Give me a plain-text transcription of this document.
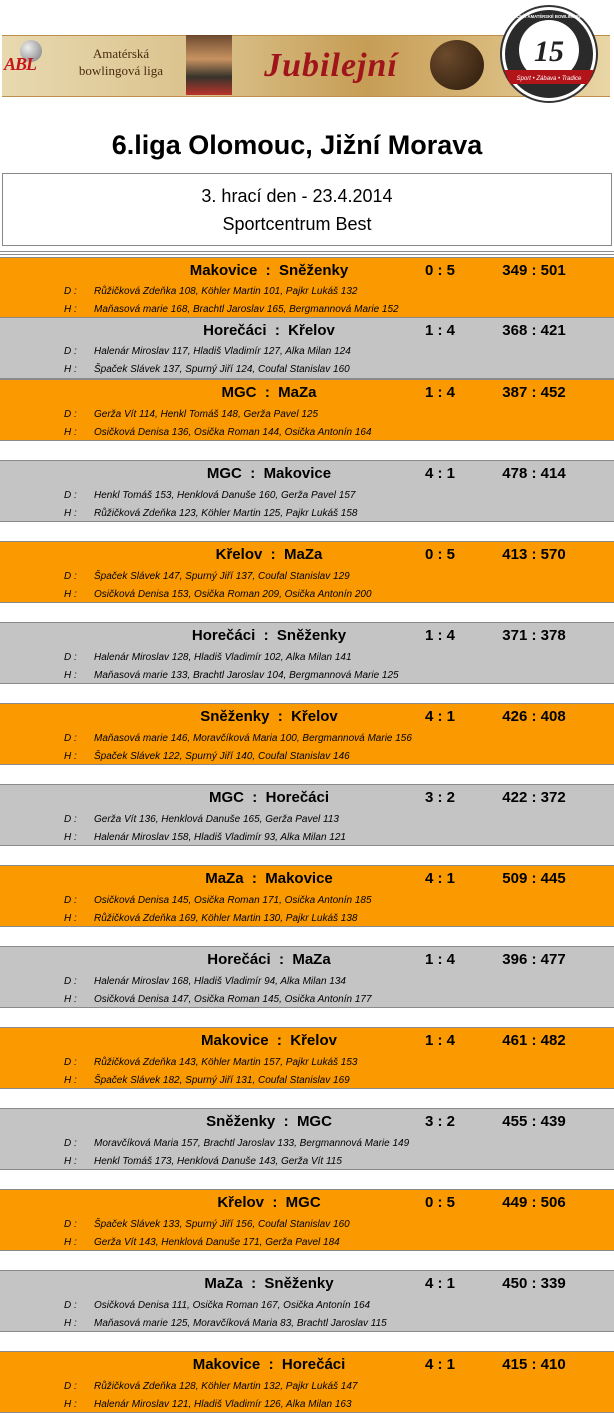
ABL
Amatérská
bowlingová liga	Jubilejní	15
Sport • Zábava • Tradice
15. ROČNÍK AMATÉRSKÉ BOWLINGOVÉ LIGY
6.liga Olomouc, Jižní Morava
3. hrací den - 23.4.2014
Sportcentrum Best
Makovice  :  Sněženky	0 : 5	349 : 501
D : Růžičková Zdeňka 108, Köhler Martin 101, Pajkr Lukáš 132
H : Maňasová marie 168, Brachtl Jaroslav 165, Bergmannová Marie 152
Horečáci  :  Křelov	1 : 4	368 : 421
D : Halenár Miroslav 117, Hladiš Vladimír 127, Alka Milan 124
H : Špaček Slávek 137, Spurný Jiří 124, Coufal Stanislav 160
MGC  :  MaZa	1 : 4	387 : 452
D : Gerža Vít 114, Henkl Tomáš 148, Gerža Pavel 125
H : Osičková Denisa 136, Osička Roman 144, Osička Antonín 164
MGC  :  Makovice	4 : 1	478 : 414
D : Henkl Tomáš 153, Henklová Danuše 160, Gerža Pavel 157
H : Růžičková Zdeňka 123, Köhler Martin 125, Pajkr Lukáš 158
Křelov  :  MaZa	0 : 5	413 : 570
D : Špaček Slávek 147, Spurný Jiří 137, Coufal Stanislav 129
H : Osičková Denisa 153, Osička Roman 209, Osička Antonín 200
Horečáci  :  Sněženky	1 : 4	371 : 378
D : Halenár Miroslav 128, Hladiš Vladimír 102, Alka Milan 141
H : Maňasová marie 133, Brachtl Jaroslav 104, Bergmannová Marie 125
Sněženky  :  Křelov	4 : 1	426 : 408
D : Maňasová marie 146, Moravčíková Maria 100, Bergmannová Marie 156
H : Špaček Slávek 122, Spurný Jiří 140, Coufal Stanislav 146
MGC  :  Horečáci	3 : 2	422 : 372
D : Gerža Vít 136, Henklová Danuše 165, Gerža Pavel 113
H : Halenár Miroslav 158, Hladiš Vladimír 93, Alka Milan 121
MaZa  :  Makovice	4 : 1	509 : 445
D : Osičková Denisa 145, Osička Roman 171, Osička Antonín 185
H : Růžičková Zdeňka 169, Köhler Martin 130, Pajkr Lukáš 138
Horečáci  :  MaZa	1 : 4	396 : 477
D : Halenár Miroslav 168, Hladiš Vladimír 94, Alka Milan 134
H : Osičková Denisa 147, Osička Roman 145, Osička Antonín 177
Makovice  :  Křelov	1 : 4	461 : 482
D : Růžičková Zdeňka 143, Köhler Martin 157, Pajkr Lukáš 153
H : Špaček Slávek 182, Spurný Jiří 131, Coufal Stanislav 169
Sněženky  :  MGC	3 : 2	455 : 439
D : Moravčíková Maria 157, Brachtl Jaroslav 133, Bergmannová Marie 149
H : Henkl Tomáš 173, Henklová Danuše 143, Gerža Vít 115
Křelov  :  MGC	0 : 5	449 : 506
D : Špaček Slávek 133, Spurný Jiří 156, Coufal Stanislav 160
H : Gerža Vít 143, Henklová Danuše 171, Gerža Pavel 184
MaZa  :  Sněženky	4 : 1	450 : 339
D : Osičková Denisa 111, Osička Roman 167, Osička Antonín 164
H : Maňasová marie 125, Moravčíková Maria 83, Brachtl Jaroslav 115
Makovice  :  Horečáci	4 : 1	415 : 410
D : Růžičková Zdeňka 128, Köhler Martin 132, Pajkr Lukáš 147
H : Halenár Miroslav 121, Hladiš Vladimír 126, Alka Milan 163
